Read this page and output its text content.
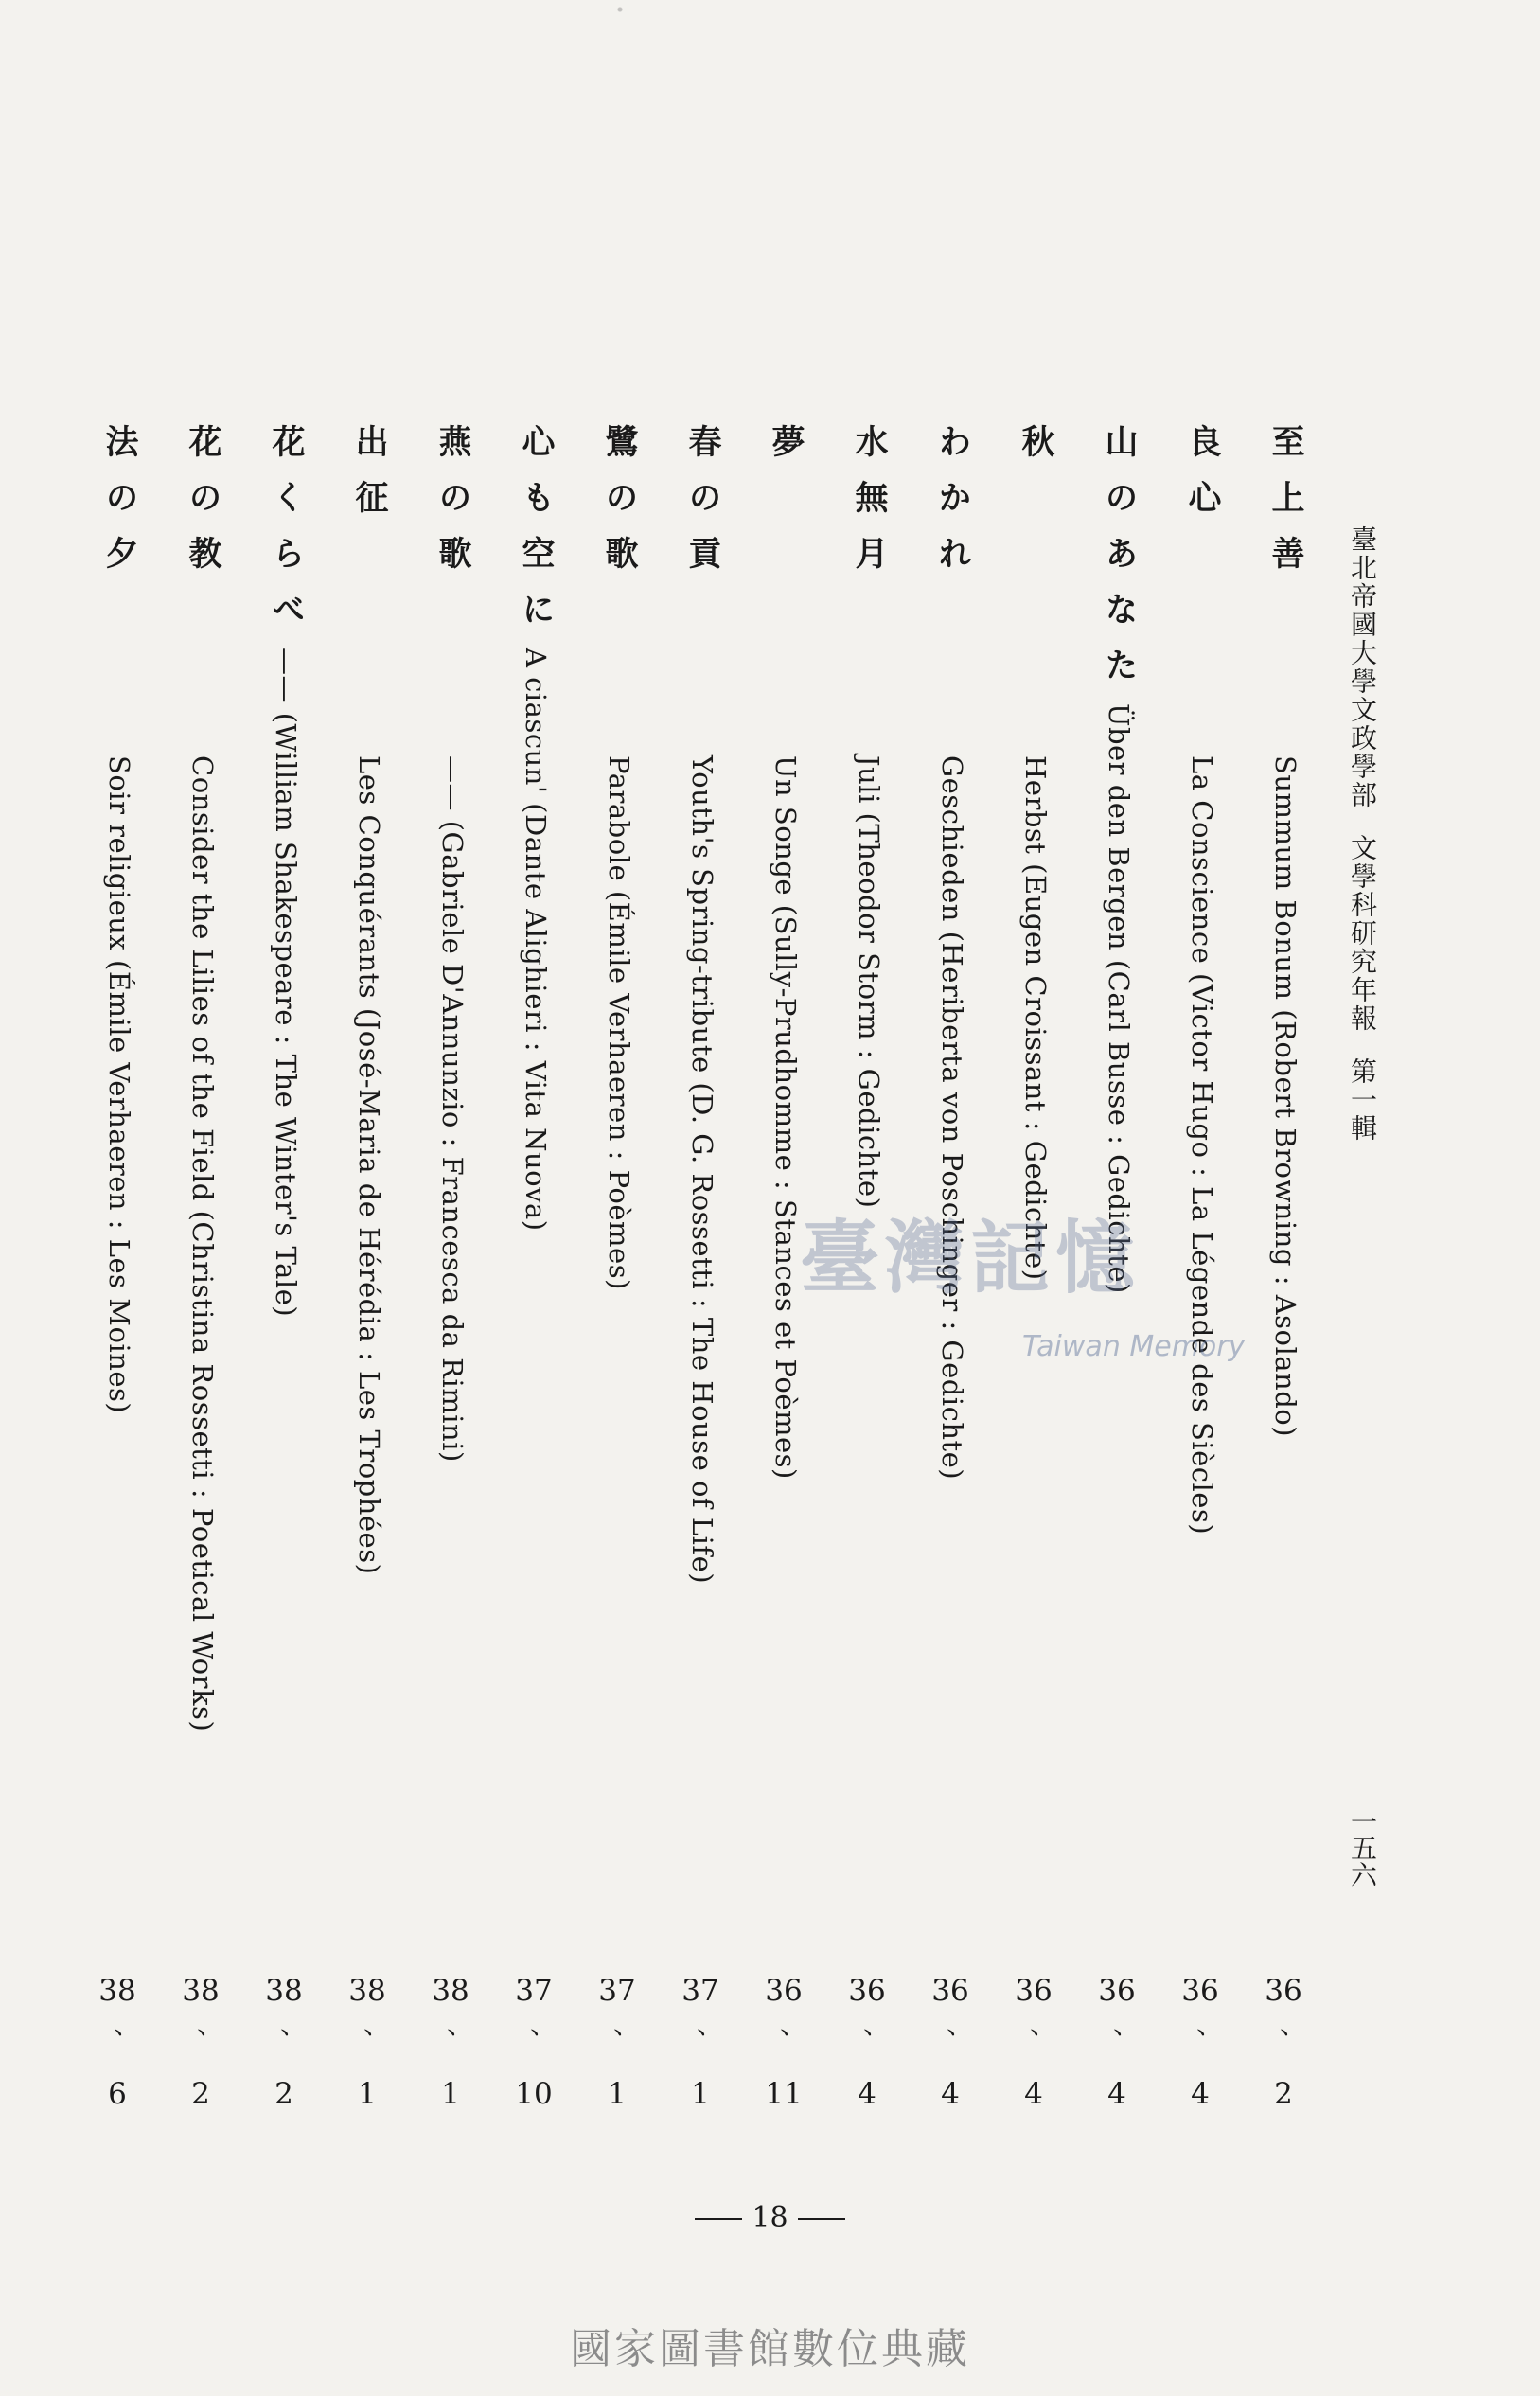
臺北帝國大學文政學部文學科研究年報第一輯
一五六
至上善Summum Bonum (Robert Browning : Asolando)
良心La Conscience (Victor Hugo : La Légende des Siècles)
山のあなたÜber den Bergen (Carl Busse : Gedichte)
秋Herbst (Eugen Croissant : Gedichte)
わかれGeschieden (Heriberta von Poschinger : Gedichte)
水無月Juli (Theodor Storm : Gedichte)
夢Un Songe (Sully-Prudhomme : Stances et Poèmes)
春の貢Youth's Spring-tribute (D. G. Rossetti : The House of Life)
鷺の歌Parabole (Émile Verhaeren : Poèmes)
心も空にA ciascun' (Dante Alighieri : Vita Nuova)
燕の歌—— (Gabriele D'Annunzio : Francesca da Rimini)
出征Les Conquérants (José-Maria de Hérédia : Les Trophées)
花くらべ—— (William Shakespeare : The Winter's Tale)
花の教Consider the Lilies of the Field (Christina Rossetti : Poetical Works)
法の夕Soir religieux (Émile Verhaeren : Les Moines)
36
、
2
36
、
4
36
、
4
36
、
4
36
、
4
36
、
4
36
、
11
37
、
1
37
、
1
37
、
10
38
、
1
38
、
1
38
、
2
38
、
2
38
、
6
臺灣記憶
Taiwan Memory
18
國家圖書館數位典藏
